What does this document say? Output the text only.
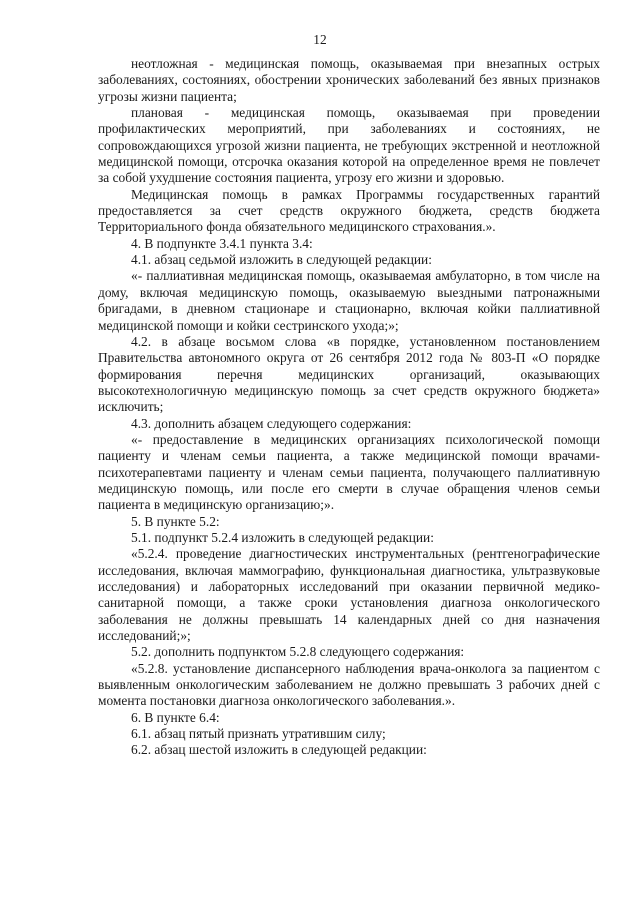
12

неотложная - медицинская помощь, оказываемая при внезапных острых заболеваниях, состояниях, обострении хронических заболеваний без явных признаков угрозы жизни пациента;

плановая - медицинская помощь, оказываемая при проведении профилактических мероприятий, при заболеваниях и состояниях, не сопровождающихся угрозой жизни пациента, не требующих экстренной и неотложной медицинской помощи, отсрочка оказания которой на определенное время не повлечет за собой ухудшение состояния пациента, угрозу его жизни и здоровью.

Медицинская помощь в рамках Программы государственных гарантий предоставляется за счет средств окружного бюджета, средств бюджета Территориального фонда обязательного медицинского страхования.».

4. В подпункте 3.4.1 пункта 3.4:

4.1. абзац седьмой изложить в следующей редакции:

«- паллиативная медицинская помощь, оказываемая амбулаторно, в том числе на дому, включая медицинскую помощь, оказываемую выездными патронажными бригадами, в дневном стационаре и стационарно, включая койки паллиативной медицинской помощи и койки сестринского ухода;»;

4.2. в абзаце восьмом слова «в порядке, установленном постановлением Правительства автономного округа от 26 сентября 2012 года № 803-П «О порядке формирования перечня медицинских организаций, оказывающих высокотехнологичную медицинскую помощь за счет средств окружного бюджета» исключить;

4.3. дополнить абзацем следующего содержания:

«- предоставление в медицинских организациях психологической помощи пациенту и членам семьи пациента, а также медицинской помощи врачами-психотерапевтами пациенту и членам семьи пациента, получающего паллиативную медицинскую помощь, или после его смерти в случае обращения членов семьи пациента в медицинскую организацию;».

5. В пункте 5.2:

5.1. подпункт 5.2.4 изложить в следующей редакции:

«5.2.4. проведение диагностических инструментальных (рентгенографические исследования, включая маммографию, функциональная диагностика, ультразвуковые исследования) и лабораторных исследований при оказании первичной медико-санитарной помощи, а также сроки установления диагноза онкологического заболевания не должны превышать 14 календарных дней со дня назначения исследований;»;

5.2. дополнить подпунктом 5.2.8 следующего содержания:

«5.2.8. установление диспансерного наблюдения врача-онколога за пациентом с выявленным онкологическим заболеванием не должно превышать 3 рабочих дней с момента постановки диагноза онкологического заболевания.».

6. В пункте 6.4:

6.1. абзац пятый признать утратившим силу;

6.2. абзац шестой изложить в следующей редакции:
